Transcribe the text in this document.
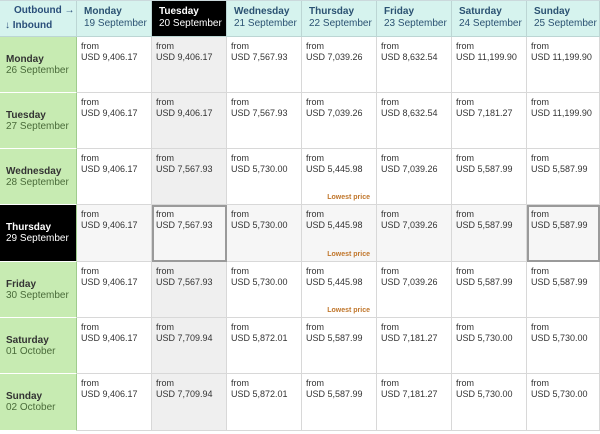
Outbound →
↓ Inbound
Monday
19 September
Tuesday
20 September
Wednesday
21 September
Thursday
22 September
Friday
23 September
Saturday
24 September
Sunday
25 September
Monday
26 September
from
USD 9,406.17
from
USD 9,406.17
from
USD 7,567.93
from
USD 7,039.26
from
USD 8,632.54
from
USD 11,199.90
from
USD 11,199.90
Tuesday
27 September
from
USD 9,406.17
from
USD 9,406.17
from
USD 7,567.93
from
USD 7,039.26
from
USD 8,632.54
from
USD 7,181.27
from
USD 11,199.90
Wednesday
28 September
from
USD 9,406.17
from
USD 7,567.93
from
USD 5,730.00
from
USD 5,445.98
Lowest price
from
USD 7,039.26
from
USD 5,587.99
from
USD 5,587.99
Thursday
29 September
from
USD 9,406.17
from
USD 7,567.93
from
USD 5,730.00
from
USD 5,445.98
Lowest price
from
USD 7,039.26
from
USD 5,587.99
from
USD 5,587.99
Friday
30 September
from
USD 9,406.17
from
USD 7,567.93
from
USD 5,730.00
from
USD 5,445.98
Lowest price
from
USD 7,039.26
from
USD 5,587.99
from
USD 5,587.99
Saturday
01 October
from
USD 9,406.17
from
USD 7,709.94
from
USD 5,872.01
from
USD 5,587.99
from
USD 7,181.27
from
USD 5,730.00
from
USD 5,730.00
Sunday
02 October
from
USD 9,406.17
from
USD 7,709.94
from
USD 5,872.01
from
USD 5,587.99
from
USD 7,181.27
from
USD 5,730.00
from
USD 5,730.00
